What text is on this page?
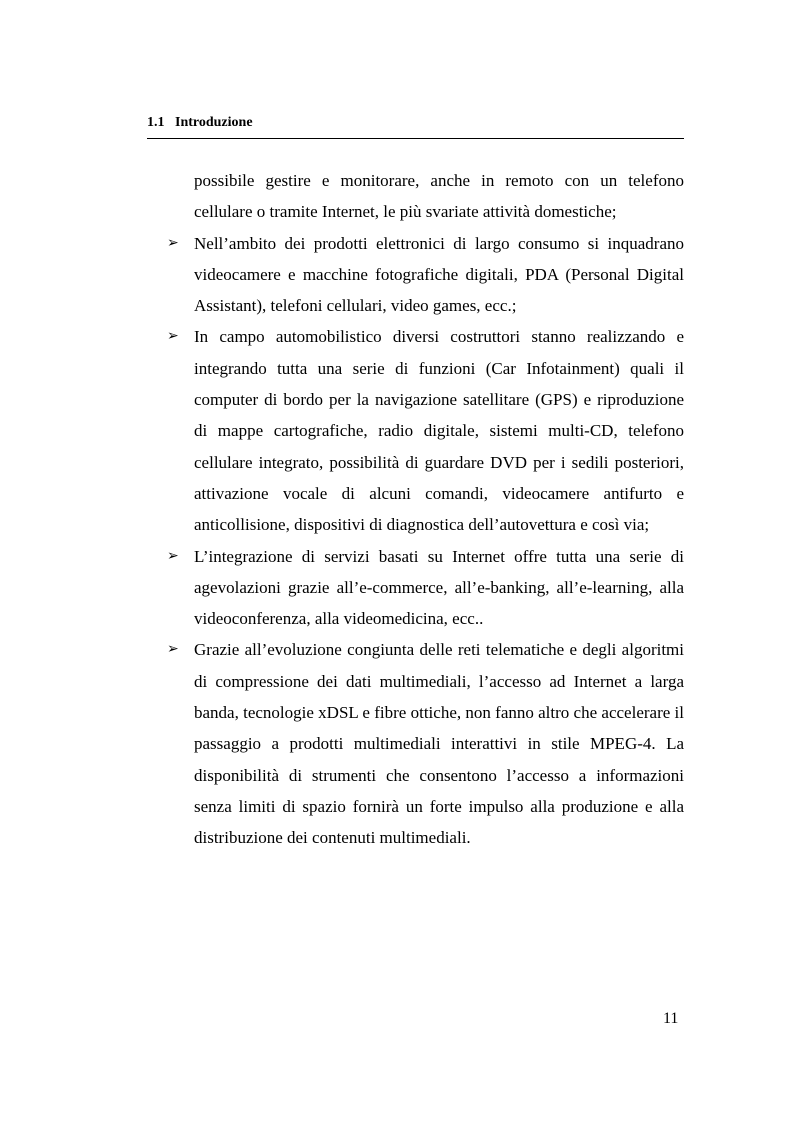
1.1 Introduzione

possibile gestire e monitorare, anche in remoto con un telefono cellulare o tramite Internet, le più svariate attività domestiche;

➢ Nell’ambito dei prodotti elettronici di largo consumo si inquadrano videocamere e macchine fotografiche digitali, PDA (Personal Digital Assistant), telefoni cellulari, video games, ecc.;
➢ In campo automobilistico diversi costruttori stanno realizzando e integrando tutta una serie di funzioni (Car Infotainment) quali il computer di bordo per la navigazione satellitare (GPS) e riproduzione di mappe cartografiche, radio digitale, sistemi multi-CD, telefono cellulare integrato, possibilità di guardare DVD per i sedili posteriori, attivazione vocale di alcuni comandi, videocamere antifurto e anticollisione, dispositivi di diagnostica dell’autovettura e così via;
➢ L’integrazione di servizi basati su Internet offre tutta una serie di agevolazioni grazie all’e-commerce, all’e-banking, all’e-learning, alla videoconferenza, alla videomedicina, ecc..
➢ Grazie all’evoluzione congiunta delle reti telematiche e degli algoritmi di compressione dei dati multimediali, l’accesso ad Internet a larga banda, tecnologie xDSL e fibre ottiche, non fanno altro che accelerare il passaggio a prodotti multimediali interattivi in stile MPEG-4. La disponibilità di strumenti che consentono l’accesso a informazioni senza limiti di spazio fornirà un forte impulso alla produzione e alla distribuzione dei contenuti multimediali.
11
